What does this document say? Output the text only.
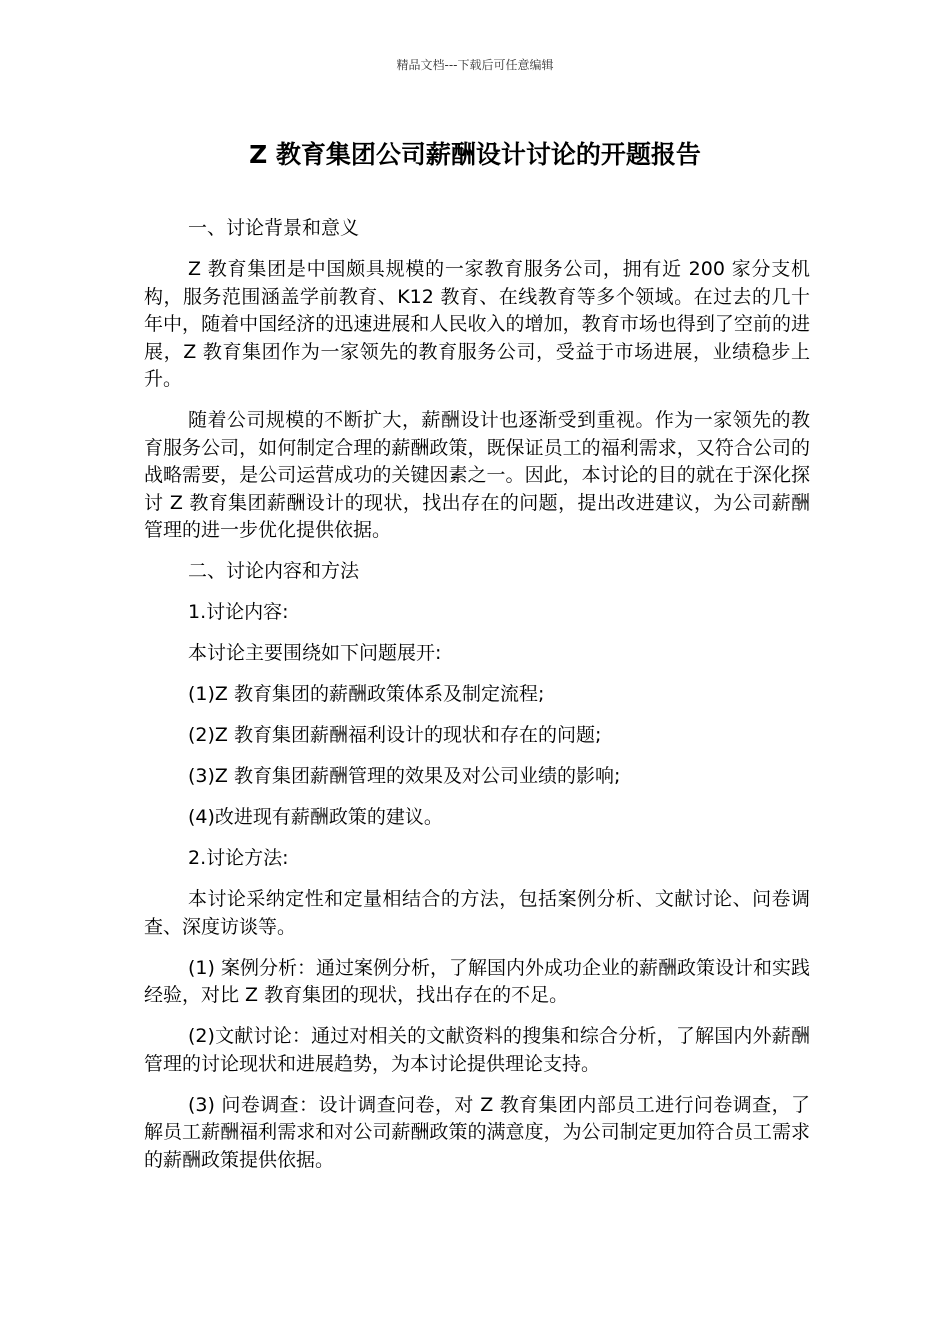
精品文档---下载后可任意编辑
Z 教育集团公司薪酬设计讨论的开题报告

一、讨论背景和意义

Z 教育集团是中国颇具规模的一家教育服务公司，拥有近 200 家分支机构，服务范围涵盖学前教育、K12 教育、在线教育等多个领域。在过去的几十年中，随着中国经济的迅速进展和人民收入的增加，教育市场也得到了空前的进展，Z 教育集团作为一家领先的教育服务公司，受益于市场进展，业绩稳步上升。

随着公司规模的不断扩大，薪酬设计也逐渐受到重视。作为一家领先的教育服务公司，如何制定合理的薪酬政策，既保证员工的福利需求，又符合公司的战略需要，是公司运营成功的关键因素之一。因此，本讨论的目的就在于深化探讨 Z 教育集团薪酬设计的现状，找出存在的问题，提出改进建议，为公司薪酬管理的进一步优化提供依据。

二、讨论内容和方法

1.讨论内容:

本讨论主要围绕如下问题展开:

(1)Z 教育集团的薪酬政策体系及制定流程;

(2)Z 教育集团薪酬福利设计的现状和存在的问题;

(3)Z 教育集团薪酬管理的效果及对公司业绩的影响;

(4)改进现有薪酬政策的建议。

2.讨论方法:

本讨论采纳定性和定量相结合的方法，包括案例分析、文献讨论、问卷调查、深度访谈等。

(1) 案例分析：通过案例分析，了解国内外成功企业的薪酬政策设计和实践经验，对比 Z 教育集团的现状，找出存在的不足。

(2)文献讨论：通过对相关的文献资料的搜集和综合分析，了解国内外薪酬管理的讨论现状和进展趋势，为本讨论提供理论支持。

(3) 问卷调查：设计调查问卷，对 Z 教育集团内部员工进行问卷调查，了解员工薪酬福利需求和对公司薪酬政策的满意度，为公司制定更加符合员工需求的薪酬政策提供依据。
